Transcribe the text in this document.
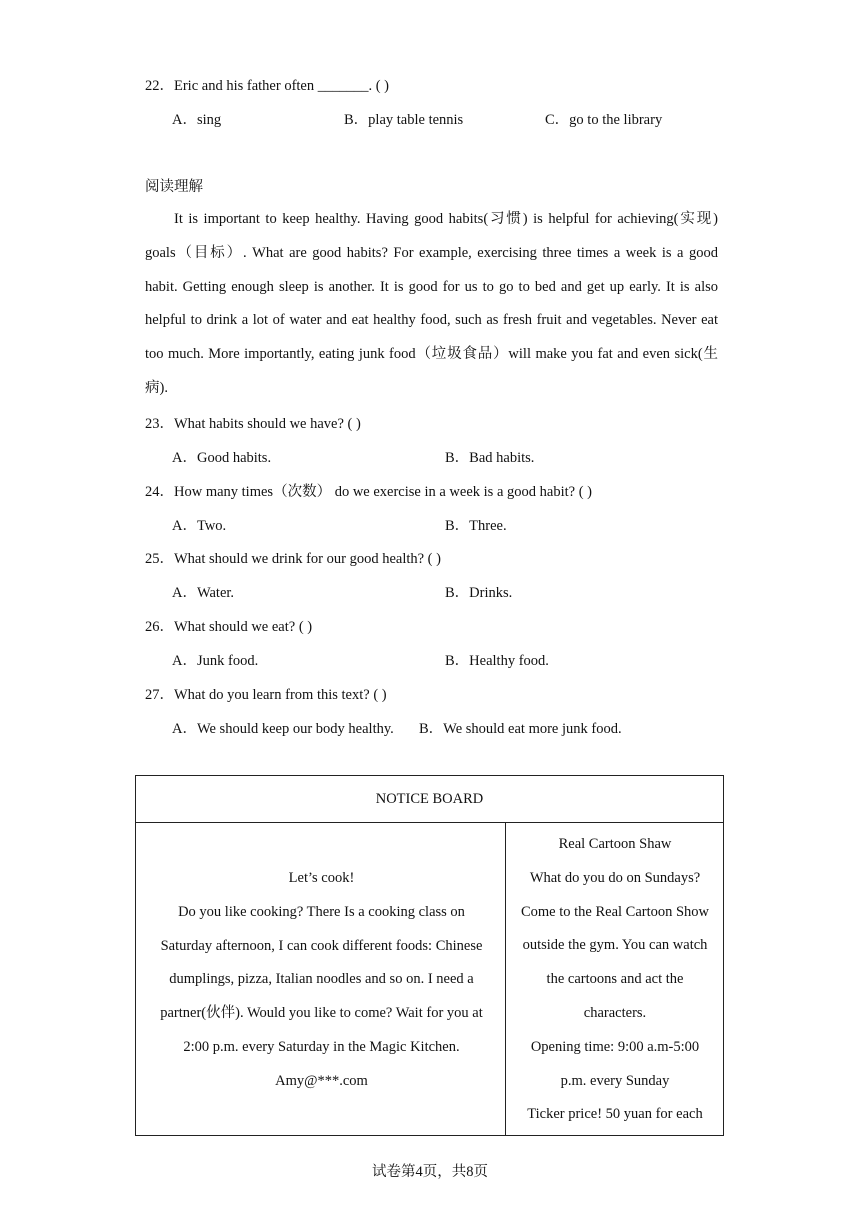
22．Eric and his father often _______. ( )
A．sing	B．play table tennis	C．go to the library
阅读理解
It is important to keep healthy. Having good habits(习惯) is helpful for achieving(实现) goals（目标）. What are good habits? For example, exercising three times a week is a good habit. Getting enough sleep is another. It is good for us to go to bed and get up early. It is also helpful to drink a lot of water and eat healthy food, such as fresh fruit and vegetables. Never eat too much. More importantly, eating junk food（垃圾食品）will make you fat and even sick(生病).
23．What habits should we have? ( )
A．Good habits.	B．Bad habits.
24．How many times（次数） do we exercise in a week is a good habit? ( )
A．Two.	B．Three.
25．What should we drink for our good health? ( )
A．Water.	B．Drinks.
26．What should we eat? ( )
A．Junk food.	B．Healthy food.
27．What do you learn from this text? ( )
A．We should keep our body healthy. B．We should eat more junk food.
NOTICE BOARD
Let’s cook!
Do you like cooking? There Is a cooking class on
Saturday afternoon, I can cook different foods: Chinese
dumplings, pizza, Italian noodles and so on. I need a
partner(伙伴). Would you like to come? Wait for you at
2:00 p.m. every Saturday in the Magic Kitchen.
Amy@***.com
Real Cartoon Shaw
What do you do on Sundays?
Come to the Real Cartoon Show
outside the gym. You can watch
the cartoons and act the
characters.
Opening time: 9:00 a.m-5:00
p.m. every Sunday
Ticker price! 50 yuan for each
试卷第4页，共8页
